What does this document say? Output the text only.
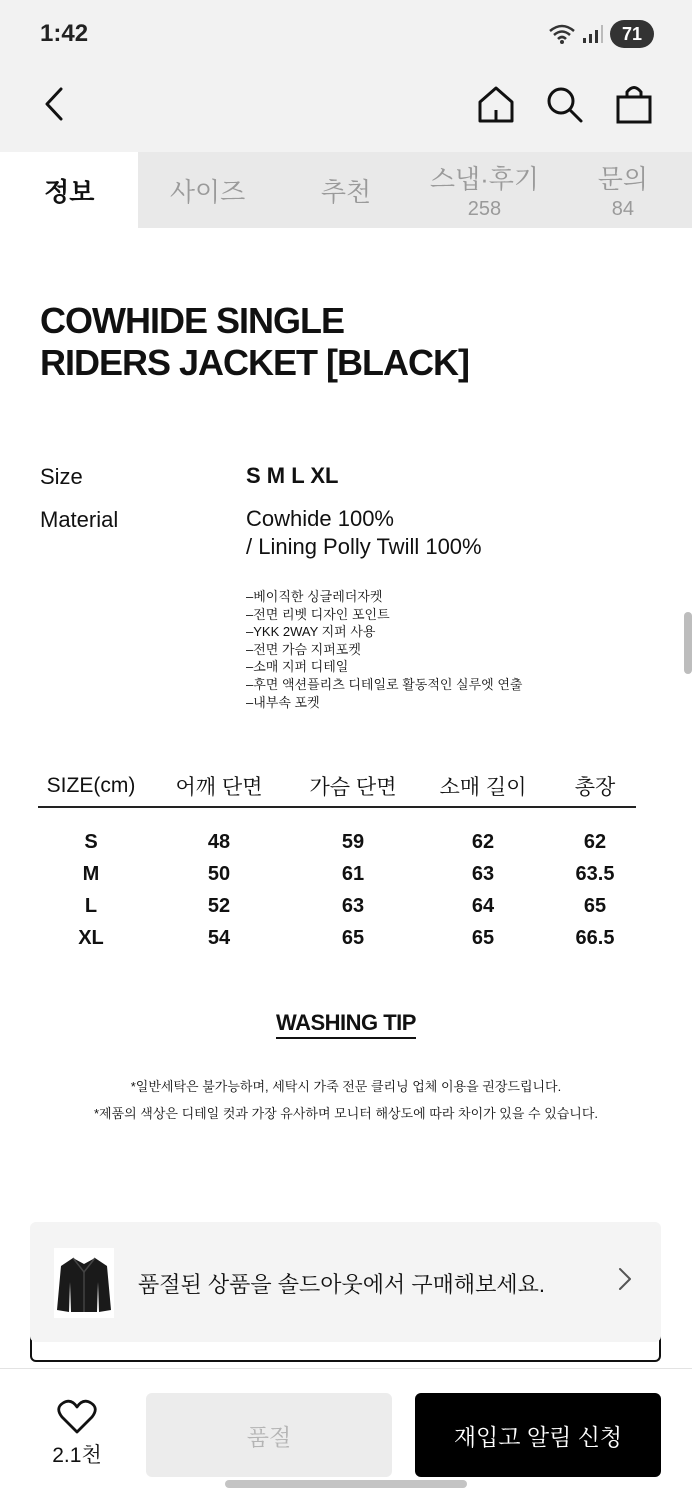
1:42	71
정보	사이즈	추천 스냅·후기
258
문의
84
COWHIDE SINGLE
RIDERS JACKET [BLACK]
Size	S M L XL
Material	Cowhide 100%
/ Lining Polly Twill 100%
–베이직한 싱글레더자켓
–전면 리벳 디자인 포인트
–YKK 2WAY 지퍼 사용
–전면 가슴 지퍼포켓
–소매 지퍼 디테일
–후면 액션플리츠 디테일로 활동적인 실루엣 연출
–내부속 포켓
SIZE(cm)	어깨 단면	가슴 단면	소매 길이	총장
S	48	59	62	62
M	50	61	63	63.5
L	52	63	64	65
XL	54	65	65	66.5
WASHING TIP
*일반세탁은 불가능하며, 세탁시 가죽 전문 클리닝 업체 이용을 권장드립니다.
*제품의 색상은 디테일 컷과 가장 유사하며 모니터 해상도에 따라 차이가 있을 수 있습니다.
품절된 상품을 솔드아웃에서 구매해보세요.
2.1천
품절	재입고 알림 신청
